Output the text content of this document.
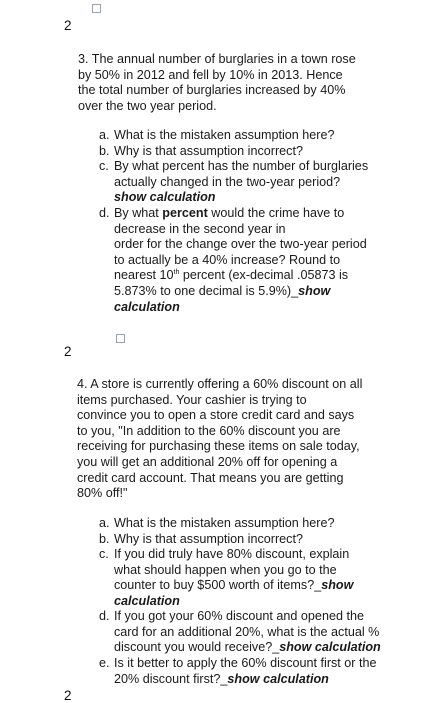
2
3. The annual number of burglaries in a town rose
by 50% in 2012 and fell by 10% in 2013. Hence
the total number of burglaries increased by 40%
over the two year period.
a. What is the mistaken assumption here?
b. Why is that assumption incorrect?
c. By what percent has the number of burglaries
actually changed in the two-year period?
show calculation
d. By what percent would the crime have to
decrease in the second year in
order for the change over the two-year period
to actually be a 40% increase? Round to
nearest 10th percent (ex-decimal .05873 is
5.873% to one decimal is 5.9%)_show
calculation
2
4. A store is currently offering a 60% discount on all
items purchased. Your cashier is trying to
convince you to open a store credit card and says
to you, "In addition to the 60% discount you are
receiving for purchasing these items on sale today,
you will get an additional 20% off for opening a
credit card account. That means you are getting
80% off!"
a. What is the mistaken assumption here?
b. Why is that assumption incorrect?
c. If you did truly have 80% discount, explain
what should happen when you go to the
counter to buy $500 worth of items?_show
calculation
d. If you got your 60% discount and opened the
card for an additional 20%, what is the actual %
discount you would receive?_show calculation
e. Is it better to apply the 60% discount first or the
20% discount first?_show calculation
2
